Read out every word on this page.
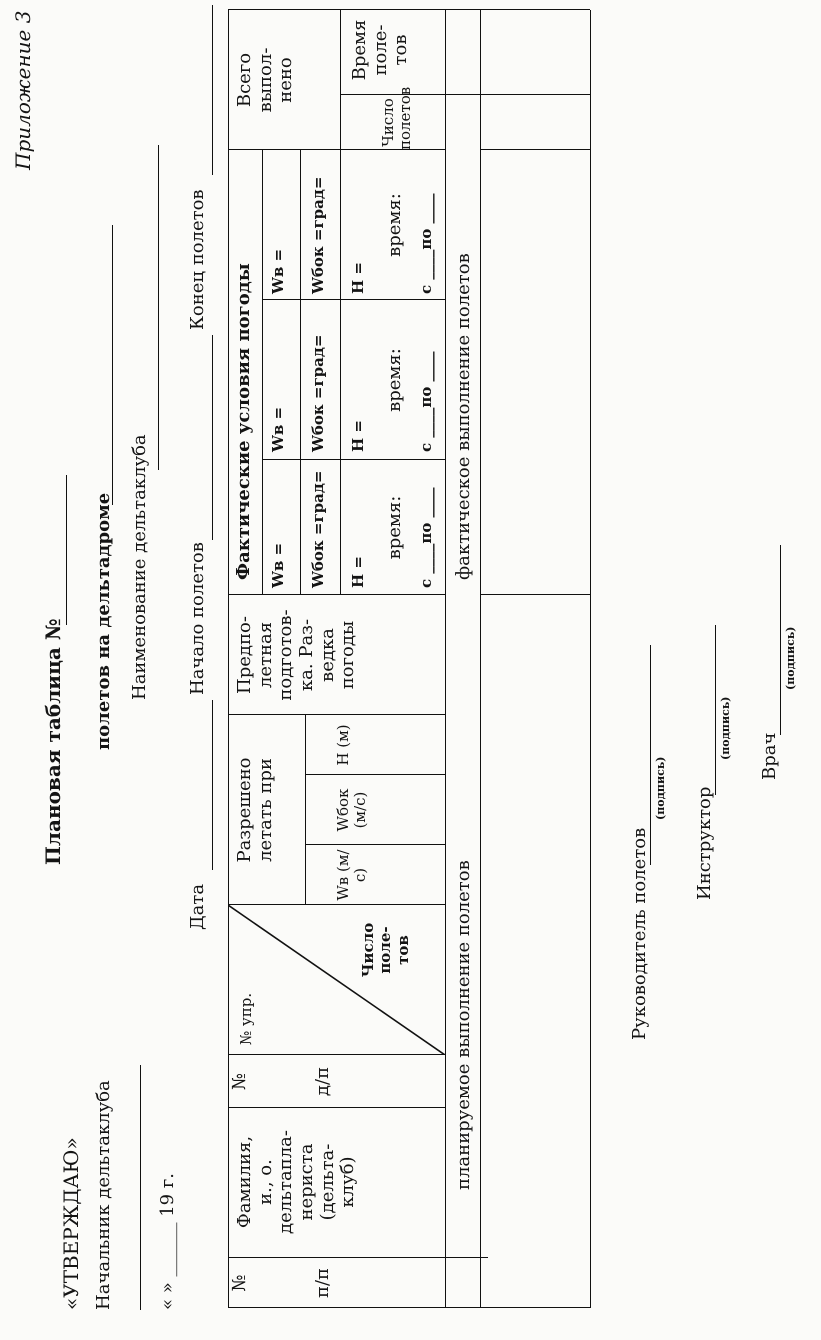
Приложение 3
«УТВЕРЖДАЮ» Начальник дельтаклуба « » ______ 19 г.
Плановая таблица № полетов на дельтадроме Наименование дельтаклуба
Дата
Начало полетов
Конец полетов
№	п/п
Фамилия,
и., о.
дельтапла-
нериста
(дельта-
клуб)
№	д/п
№ упр.
Число
поле-
тов
Разрешено
летать при
Wв (м/с)
Wбок (м/с)
H (м)
Предпо-
летная
подготов-
ка. Раз-
ведка
погоды
Фактические условия погоды Wв =
Wв =
Wв =
Wбок =град=
Wбок =град=
Wбок =град=
H =
H =
H =
время:
время:
время:
с ____по ____
с ____по ____
с ____по ____
Всего
выпол-
нено
Число
полетов
Время
поле-
тов
планируемое выполнение полетов
фактическое выполнение полетов
Руководитель полетов
(подпись) Инструктор
(подпись) Врач
(подпись)
